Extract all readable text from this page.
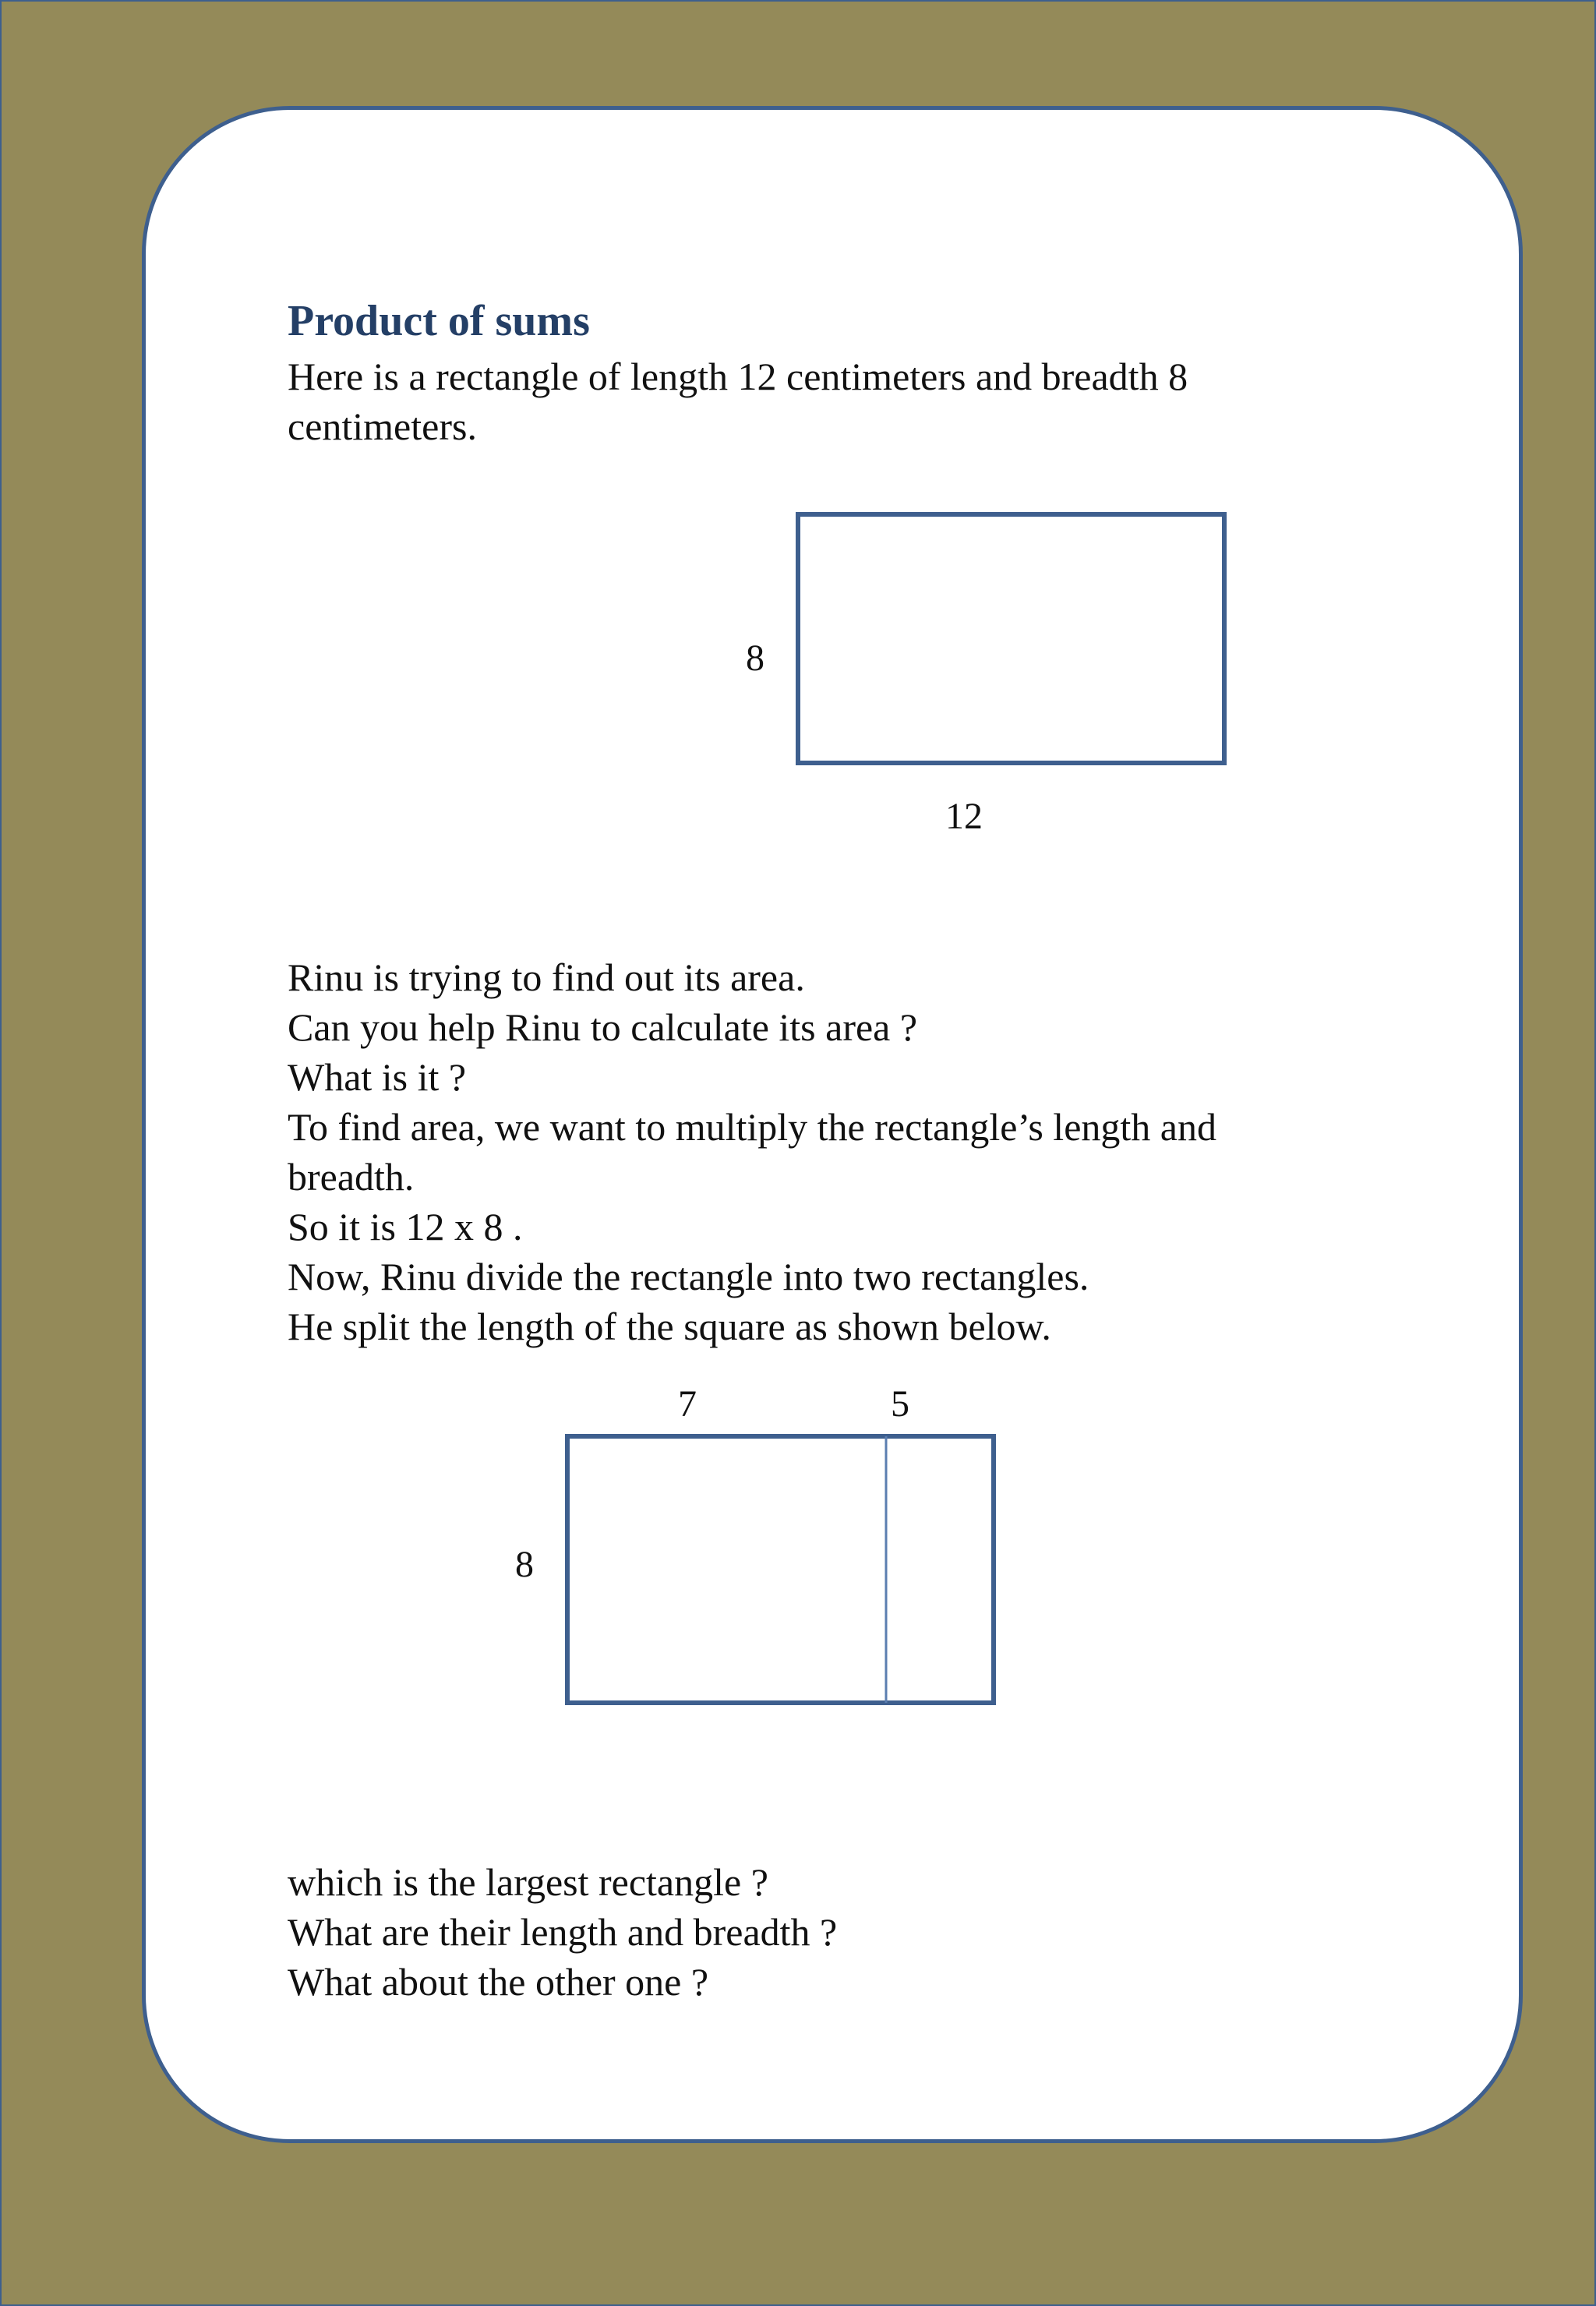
Product of sums
Here is a rectangle of length 12 centimeters and breadth 8
centimeters.
8
12
7	5
8
Rinu is trying to find out its area.
Can you help Rinu to calculate its area ?
What is it ?
To find area, we want to multiply the rectangle’s length and
breadth.
So it is 12 x 8 .
Now, Rinu divide the rectangle into two rectangles.
He split the length of the square as shown below.
which is the largest rectangle ?
What are their length and breadth ?
What about the other one ?
